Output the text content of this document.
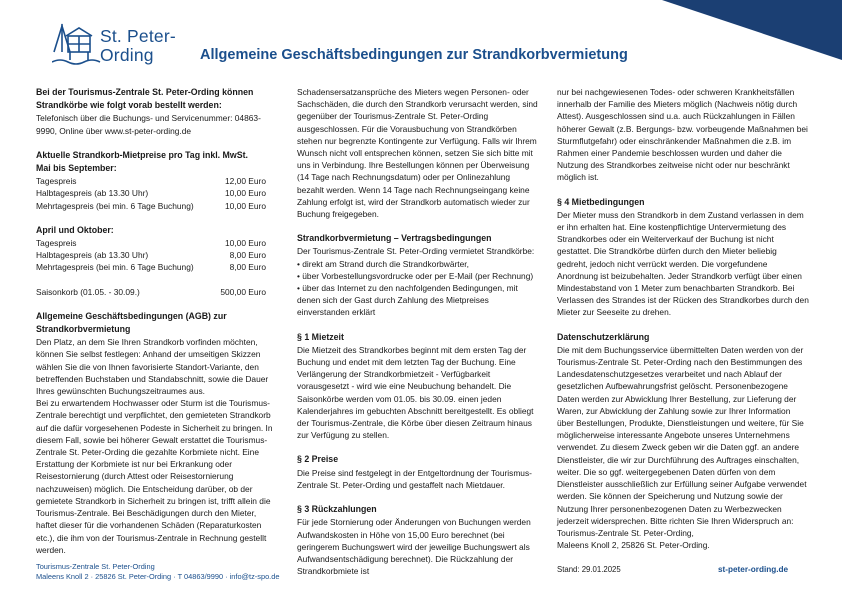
St. Peter-
Ording	Allgemeine Geschäftsbedingungen zur Strandkorbvermietung

Bei der Tourismus-Zentrale St. Peter-Ording können Strandkörbe wie folgt vorab bestellt werden:

Telefonisch über die Buchungs- und Servicenummer: 04863-9990, Online über www.st-peter-ording.de

Aktuelle Strandkorb-Mietpreise pro Tag inkl. MwSt.

Mai bis September:

Tagespreis	12,00 Euro
Halbtagespreis (ab 13.30 Uhr)	10,00 Euro
Mehrtagespreis (bei min. 6 Tage Buchung)	10,00 Euro

April und Oktober:

Tagespreis	10,00 Euro
Halbtagespreis (ab 13.30 Uhr)	8,00 Euro
Mehrtagespreis (bei min. 6 Tage Buchung)	8,00 Euro
Saisonkorb (01.05. - 30.09.)	500,00 Euro

Allgemeine Geschäftsbedingungen (AGB) zur Strandkorbvermietung

Den Platz, an dem Sie Ihren Strandkorb vorfinden möchten, können Sie selbst festlegen: Anhand der umseitigen Skizzen wählen Sie die von Ihnen favorisierte Standort-Variante, den betreffenden Buchstaben und Standabschnitt, sowie die Dauer Ihres gewünschten Buchungszeitraumes aus.

Bei zu erwartendem Hochwasser oder Sturm ist die Tourismus-Zentrale berechtigt und verpflichtet, den gemieteten Strandkorb auf die dafür vorgesehenen Podeste in Sicherheit zu bringen. In diesem Fall, sowie bei höherer Gewalt erstattet die Tourismus-Zentrale St. Peter-Ording die gezahlte Korbmiete nicht. Eine Erstattung der Korbmiete ist nur bei Erkrankung oder Reisestornierung (durch Attest oder Reisestornierung nachzuweisen) möglich. Die Entscheidung darüber, ob der gemietete Strandkorb in Sicherheit zu bringen ist, trifft allein die Tourismus-Zentrale. Bei Beschädigungen durch den Mieter, haftet dieser für die vorhandenen Schäden (Reparaturkosten etc.), die ihm von der Tourismus-Zentrale in Rechnung gestellt werden.

Schadensersatzansprüche des Mieters wegen Personen- oder Sachschäden, die durch den Strandkorb verursacht werden, sind gegenüber der Tourismus-Zentrale St. Peter-Ording ausgeschlossen. Für die Vorausbuchung von Strandkörben stehen nur begrenzte Kontingente zur Verfügung. Falls wir Ihrem Wunsch nicht voll entsprechen können, setzen Sie sich bitte mit uns in Verbindung. Ihre Bestellungen können per Überweisung (14 Tage nach Rechnungsdatum) oder per Onlinezahlung bezahlt werden. Wenn 14 Tage nach Rechnungseingang keine Zahlung erfolgt ist, wird der Strandkorb automatisch wieder zur Buchung freigegeben.

Strandkorbvermietung – Vertragsbedingungen

Der Tourismus-Zentrale St. Peter-Ording vermietet Strandkörbe:

• direkt am Strand durch die Strandkorbwärter,

• über Vorbestellungsvordrucke oder per E-Mail (per Rechnung)

• über das Internet zu den nachfolgenden Bedingungen, mit denen sich der Gast durch Zahlung des Mietpreises einverstanden erklärt

§ 1 Mietzeit

Die Mietzeit des Strandkorbes beginnt mit dem ersten Tag der Buchung und endet mit dem letzten Tag der Buchung. Eine Verlängerung der Strandkorbmietzeit - Verfügbarkeit vorausgesetzt - wird wie eine Neubuchung behandelt. Die Saisonkörbe werden vom 01.05. bis 30.09. einen jeden Kalenderjahres im gebuchten Abschnitt bereitgestellt. Es obliegt der Tourismus-Zentrale, die Körbe über diesen Zeitraum hinaus zur Verfügung zu stellen.

§ 2 Preise

Die Preise sind festgelegt in der Entgeltordnung der Tourismus-Zentrale St. Peter-Ording und gestaffelt nach Mietdauer.

§ 3 Rückzahlungen

Für jede Stornierung oder Änderungen von Buchungen werden Aufwandskosten in Höhe von 15,00 Euro berechnet (bei geringerem Buchungswert wird der jeweilige Buchungswert als Aufwandsentschädigung berechnet). Die Rückzahlung der Strandkorbmiete ist

nur bei nachgewiesenen Todes- oder schweren Krankheitsfällen innerhalb der Familie des Mieters möglich (Nachweis nötig durch Attest). Ausgeschlossen sind u.a. auch Rückzahlungen in Fällen höherer Gewalt (z.B. Bergungs- bzw. vorbeugende Maßnahmen bei Sturmflutgefahr) oder einschränkender Maßnahmen die z.B. im Rahmen einer Pandemie beschlossen wurden und daher die Nutzung des Strandkorbes zeitweise nicht oder nur beschränkt möglich ist.

§ 4 Mietbedingungen

Der Mieter muss den Strandkorb in dem Zustand verlassen in dem er ihn erhalten hat. Eine kostenpflichtige Untervermietung des Strandkorbes oder ein Weiterverkauf der Buchung ist nicht gestattet. Die Strandkörbe dürfen durch den Mieter beliebig gedreht, jedoch nicht verrückt werden. Die vorgefundene Anordnung ist beizubehalten. Jeder Strandkorb verfügt über einen Mindestabstand von 1 Meter zum benachbarten Strandkorb. Bei Verlassen des Strandes ist der Rücken des Strandkorbes durch den Mieter zur Seeseite zu drehen.

Datenschutzerklärung

Die mit dem Buchungsservice übermittelten Daten werden von der Tourismus-Zentrale St. Peter-Ording nach den Bestimmungen des Landesdatenschutzgesetzes verarbeitet und nach Ablauf der gesetzlichen Aufbewahrungsfrist gelöscht. Personenbezogene Daten werden zur Abwicklung Ihrer Bestellung, zur Lieferung der Waren, zur Abwicklung der Zahlung sowie zur Ihrer Information über Bestellungen, Produkte, Dienstleistungen und weitere, für Sie möglicherweise interessante Angebote unseres Unternehmens verwendet. Zu diesem Zweck geben wir die Daten ggf. an andere Dienstleister, die wir zur Durchführung des Auftrages einschalten, weiter. Die so ggf. weitergegebenen Daten dürfen von dem Dienstleister ausschließlich zur Erfüllung seiner Aufgabe verwendet werden. Sie können der Speicherung und Nutzung sowie der Nutzung Ihrer personenbezogenen Daten zu Werbezwecken jederzeit widersprechen. Bitte richten Sie Ihren Widerspruch an:

Tourismus-Zentrale St. Peter-Ording,

Maleens Knoll 2, 25826 St. Peter-Ording.

Tourismus-Zentrale St. Peter-Ording
Maleens Knoll 2 · 25826 St. Peter-Ording · T 04863/9990 · info@tz-spo.de
Stand: 29.01.2025	st-peter-ording.de
